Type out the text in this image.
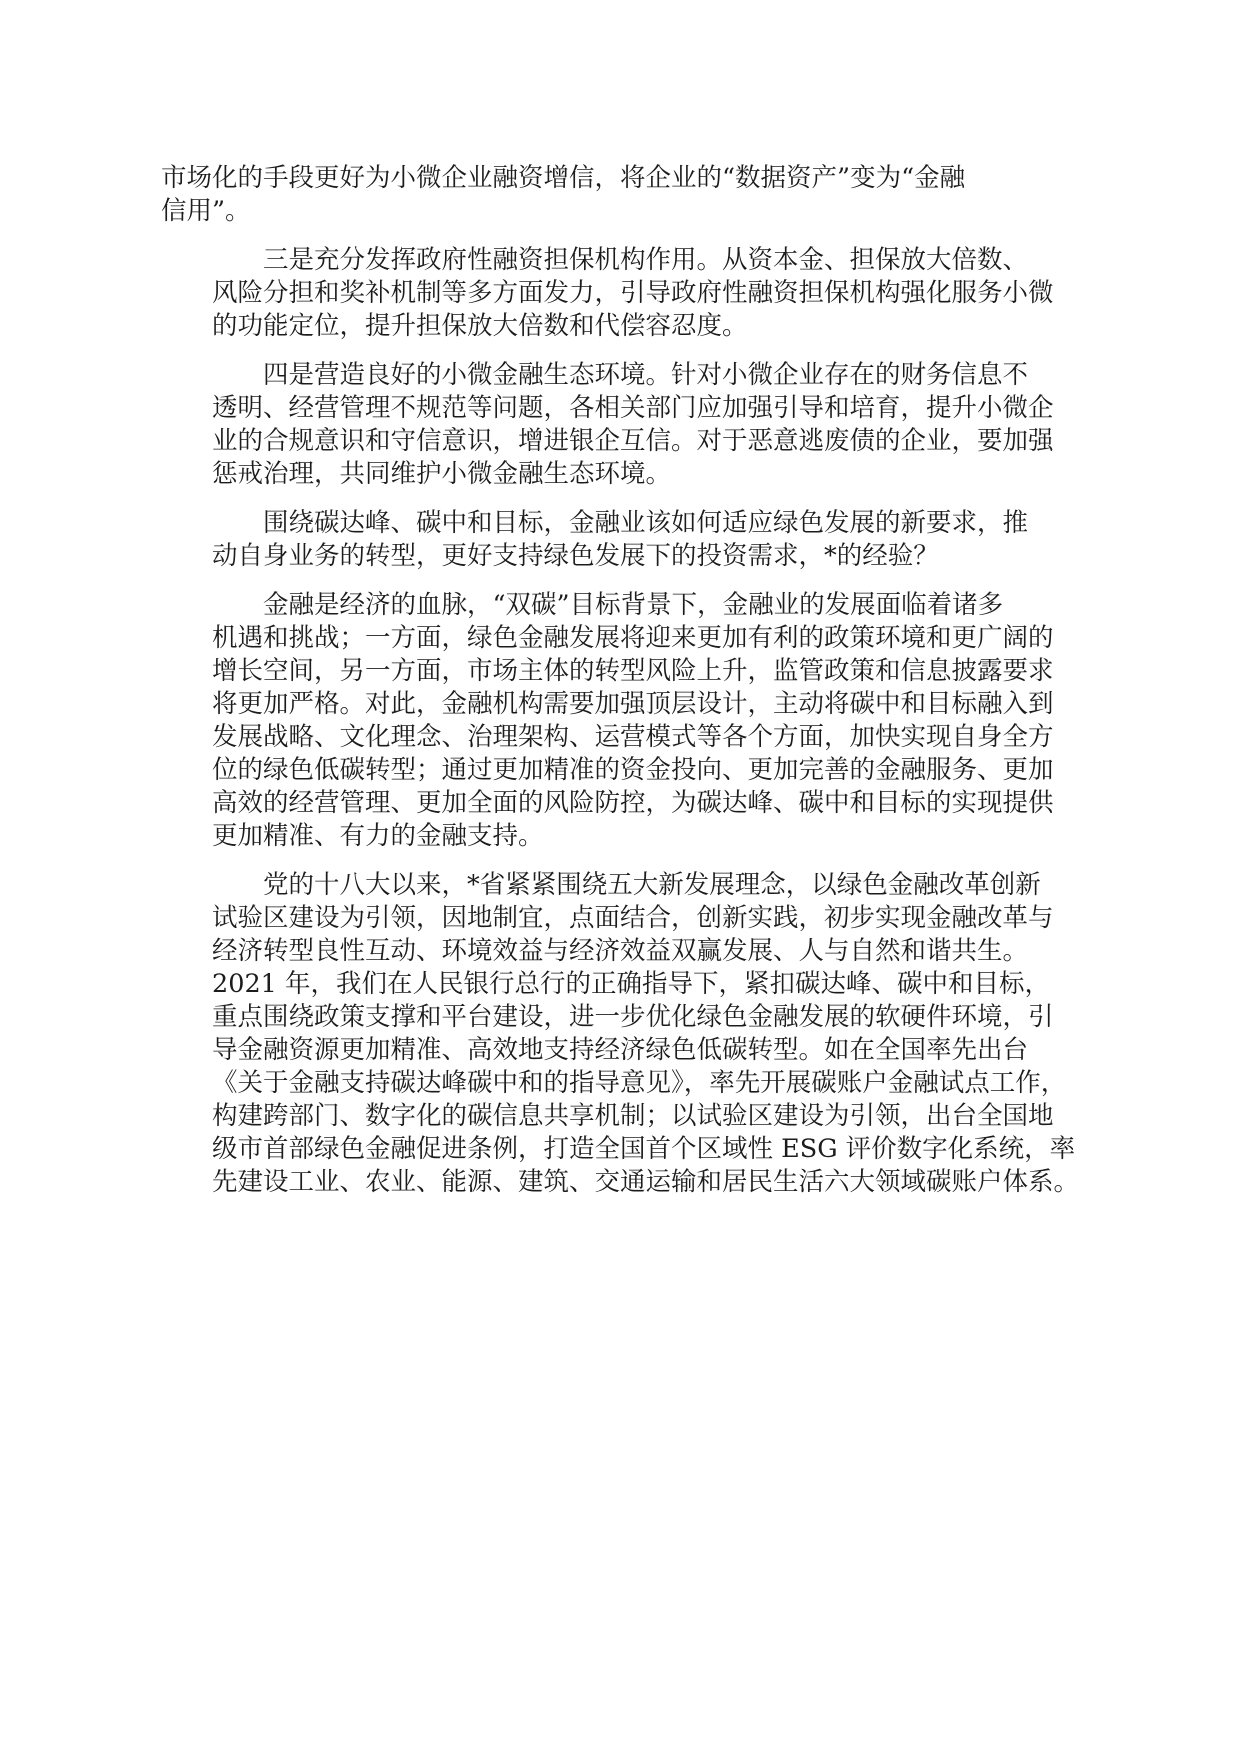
市场化的手段更好为小微企业融资增信，将企业的“数据资产”变为“金融
信用”。
三是充分发挥政府性融资担保机构作用。从资本金、担保放大倍数、
风险分担和奖补机制等多方面发力，引导政府性融资担保机构强化服务小微
的功能定位，提升担保放大倍数和代偿容忍度。
四是营造良好的小微金融生态环境。针对小微企业存在的财务信息不
透明、经营管理不规范等问题，各相关部门应加强引导和培育，提升小微企
业的合规意识和守信意识，增进银企互信。对于恶意逃废债的企业，要加强
惩戒治理，共同维护小微金融生态环境。
围绕碳达峰、碳中和目标，金融业该如何适应绿色发展的新要求，推
动自身业务的转型，更好支持绿色发展下的投资需求，*的经验？
金融是经济的血脉，“双碳”目标背景下，金融业的发展面临着诸多
机遇和挑战；一方面，绿色金融发展将迎来更加有利的政策环境和更广阔的
增长空间，另一方面，市场主体的转型风险上升，监管政策和信息披露要求
将更加严格。对此，金融机构需要加强顶层设计，主动将碳中和目标融入到
发展战略、文化理念、治理架构、运营模式等各个方面，加快实现自身全方
位的绿色低碳转型；通过更加精准的资金投向、更加完善的金融服务、更加
高效的经营管理、更加全面的风险防控，为碳达峰、碳中和目标的实现提供
更加精准、有力的金融支持。
党的十八大以来，*省紧紧围绕五大新发展理念，以绿色金融改革创新
试验区建设为引领，因地制宜，点面结合，创新实践，初步实现金融改革与
经济转型良性互动、环境效益与经济效益双赢发展、人与自然和谐共生。
2021 年，我们在人民银行总行的正确指导下，紧扣碳达峰、碳中和目标，
重点围绕政策支撑和平台建设，进一步优化绿色金融发展的软硬件环境，引
导金融资源更加精准、高效地支持经济绿色低碳转型。如在全国率先出台
《关于金融支持碳达峰碳中和的指导意见》，率先开展碳账户金融试点工作，
构建跨部门、数字化的碳信息共享机制；以试验区建设为引领，出台全国地
级市首部绿色金融促进条例，打造全国首个区域性 ESG 评价数字化系统，率
先建设工业、农业、能源、建筑、交通运输和居民生活六大领域碳账户体系。
